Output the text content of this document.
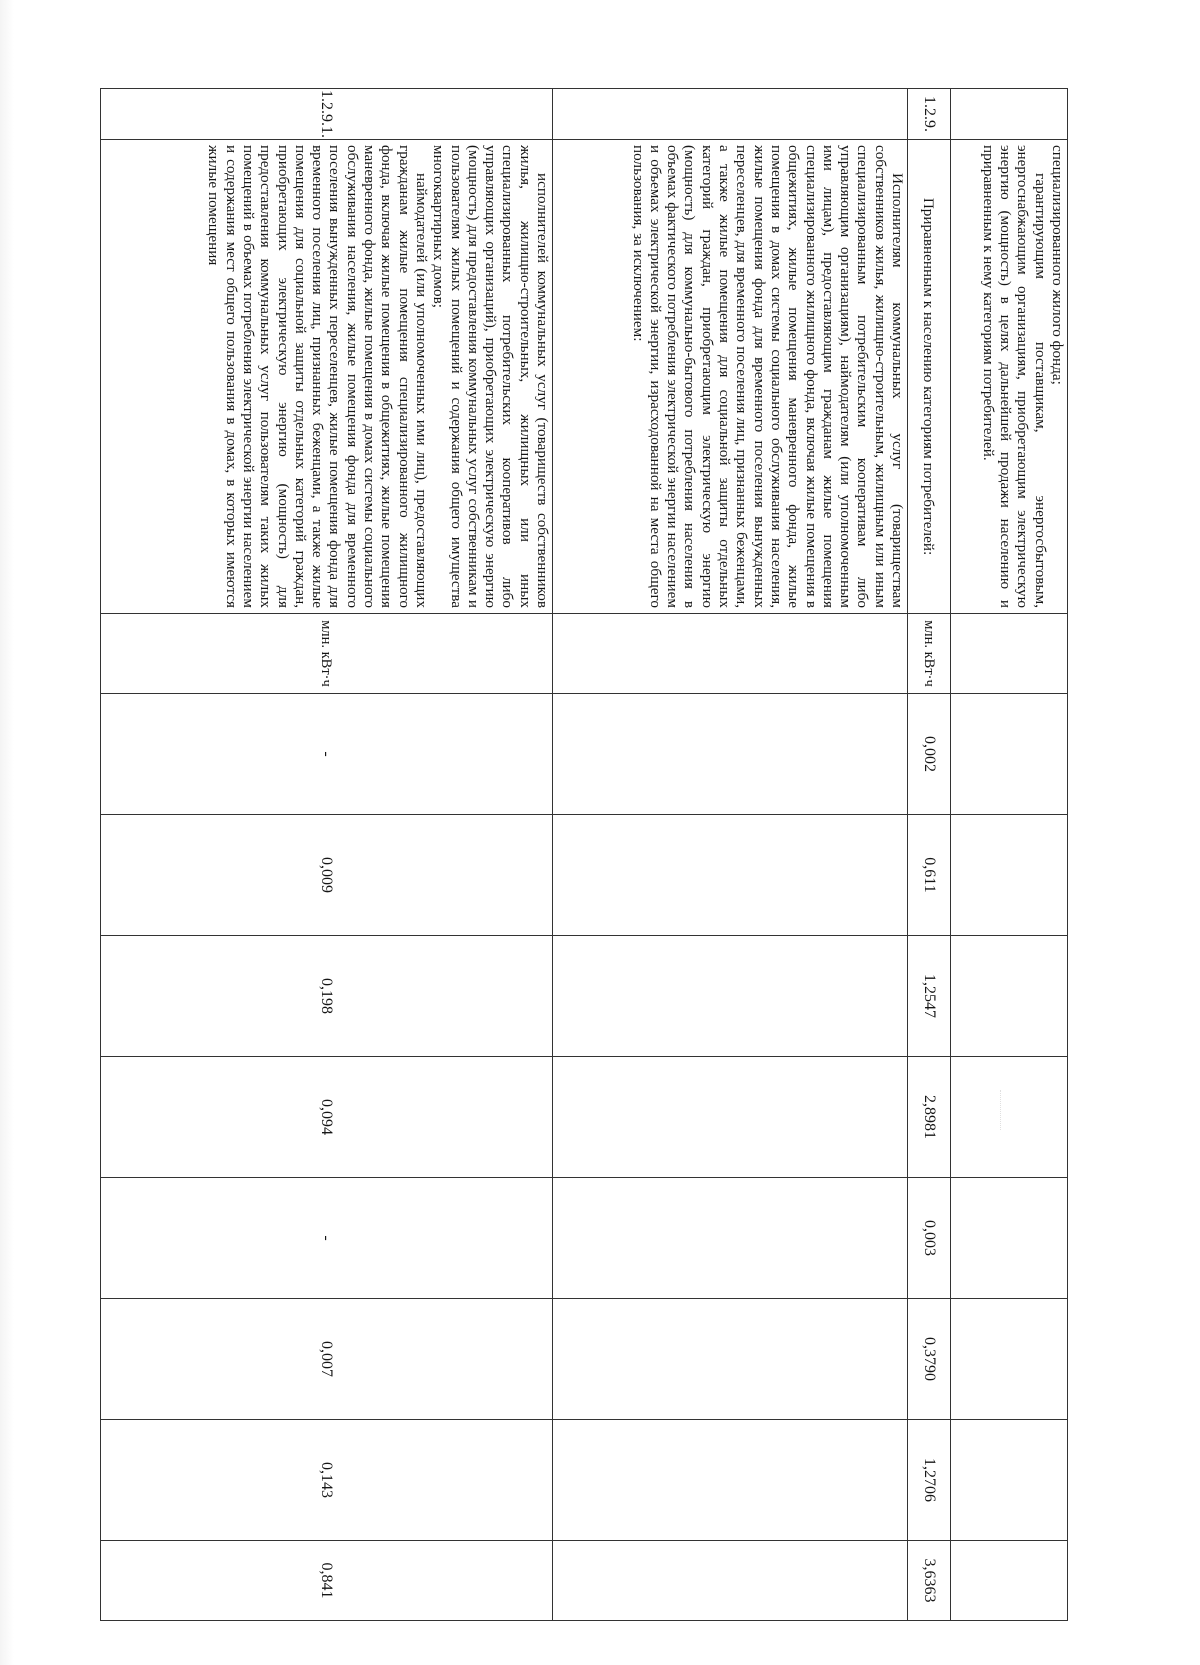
	специализированного жилого фонда;

гарантирующим поставщикам, энергосбытовым, энергоснабжающим организациям, приобретающим электрическую энергию (мощность) в целях дальнейшей продажи населению и приравненным к нему категориям потребителей.									

1.2.9.	Приравненным к населению категориям потребителей:	млн. кВт·ч	0,002	0,611	1,2547	2,8981	0,003	0,3790	1,2706	3,6363

	Исполнителям коммунальных услуг (товариществам собственников жилья, жилищно-строительным, жилищным или иным специализированным потребительским кооперативам либо управляющим организациям), наймодателям (или уполномоченным ими лицам), предоставляющим гражданам жилые помещения специализированного жилищного фонда, включая жилые помещения в общежитиях, жилые помещения маневренного фонда, жилые помещения в домах системы социального обслуживания населения, жилые помещения фонда для временного поселения вынужденных переселенцев, для временного поселения лиц, признанных беженцами, а также жилые помещения для социальной защиты отдельных категорий граждан, приобретающим электрическую энергию (мощность) для коммунально-бытового потребления населения в объемах фактического потребления электрической энергии населением и объемах электрической энергии, израсходованной на места общего пользования, за исключением:									

1.2.9.1.	исполнителей коммунальных услуг (товариществ собственников жилья, жилищно-строительных, жилищных или иных специализированных потребительских кооперативов либо управляющих организаций), приобретающих электрическую энергию (мощность) для предоставления коммунальных услуг собственникам и пользователям жилых помещений и содержания общего имущества многоквартирных домов;

наймодателей (или уполномоченных ими лиц), предоставляющих гражданам жилые помещения специализированного жилищного фонда, включая жилые помещения в общежитиях, жилые помещения маневренного фонда, жилые помещения в домах системы социального обслуживания населения, жилые помещения фонда для временного поселения вынужденных переселенцев, жилые помещения фонда для временного поселения лиц, признанных беженцами, а также жилые помещения для социальной защиты отдельных категорий граждан, приобретающих электрическую энергию (мощность) для предоставления коммунальных услуг пользователям таких жилых помещений в объемах потребления электрической энергии населением и содержания мест общего пользования в домах, в которых имеются жилые помещения	млн. кВт·ч	-	0,009	0,198	0,094	-	0,007	0,143	0,841
